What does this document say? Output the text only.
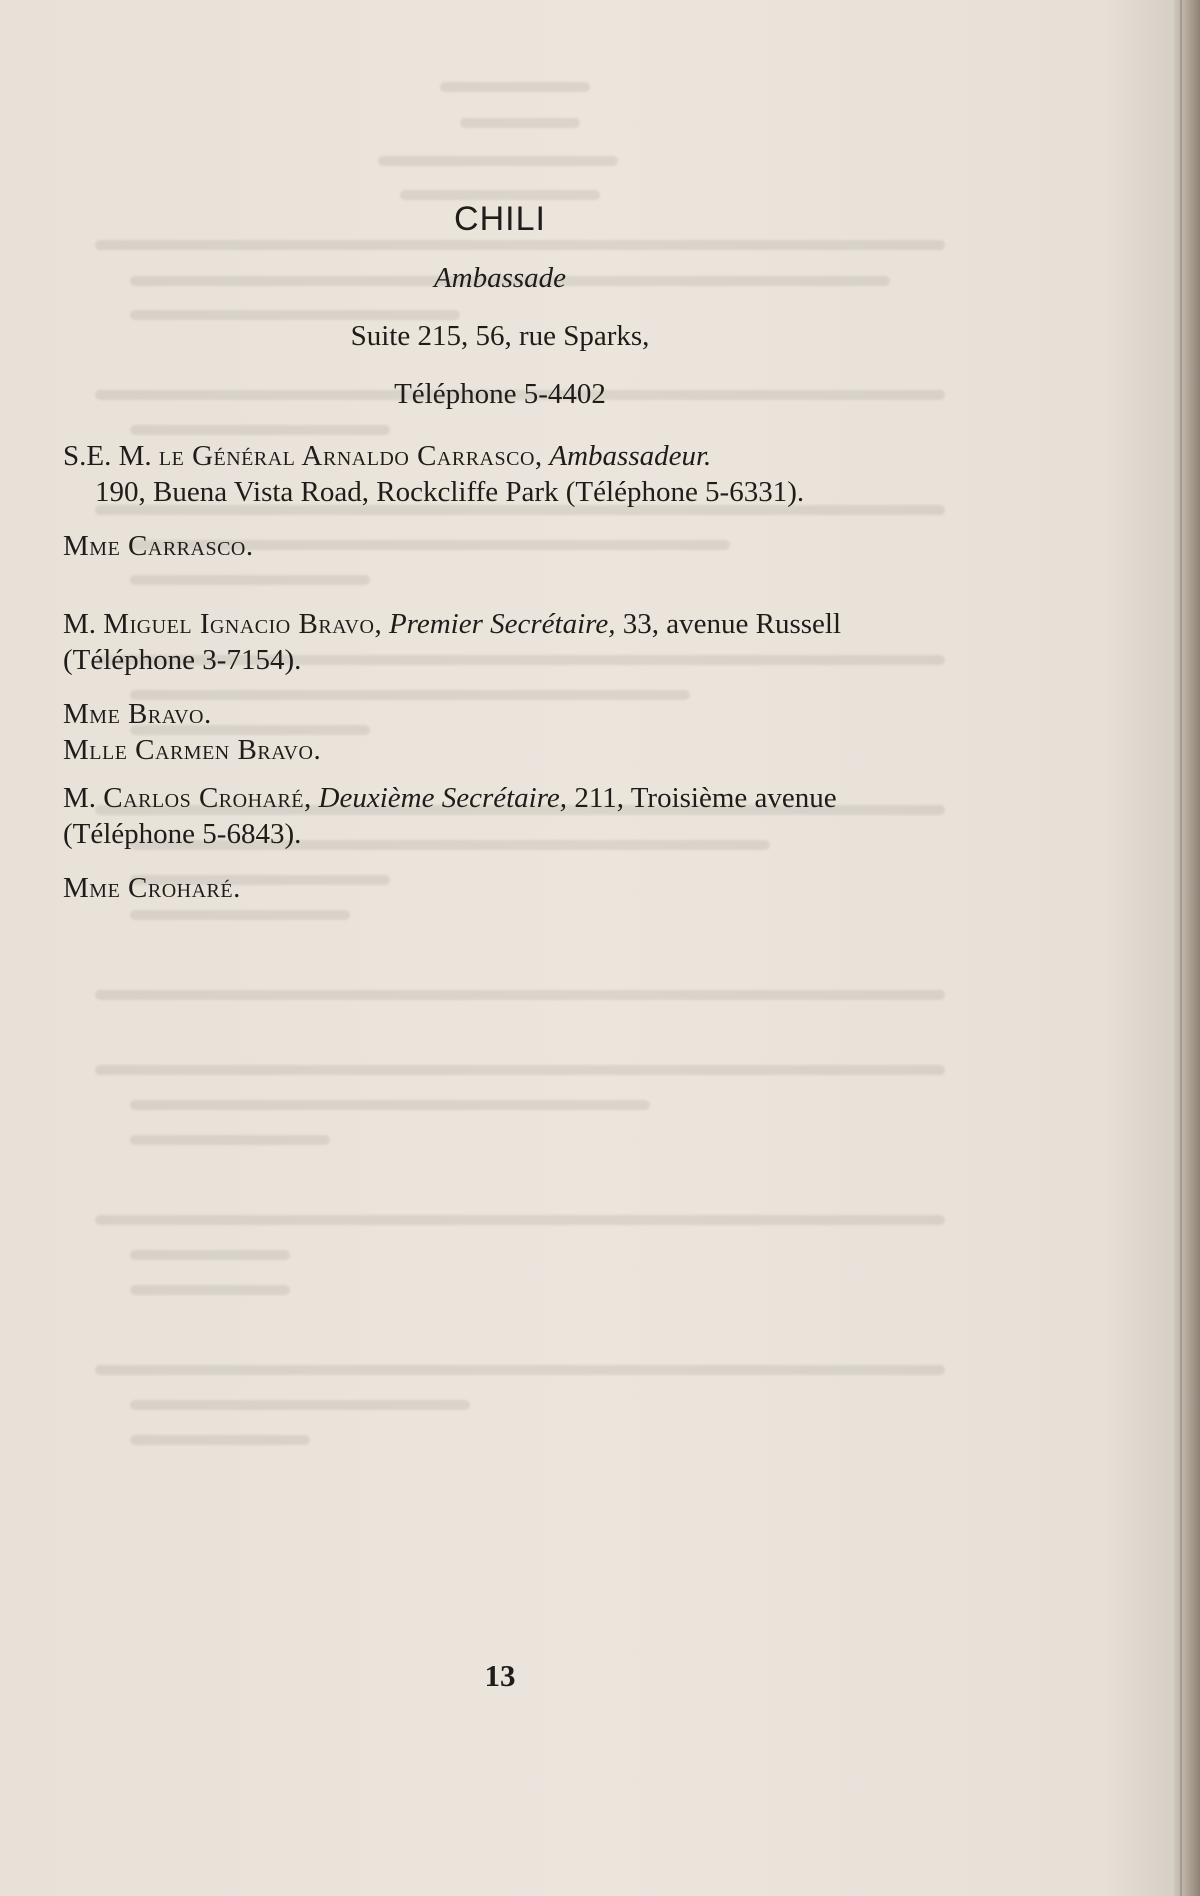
CHILI
Ambassade
Suite 215, 56, rue Sparks,
Téléphone 5-4402
S.E. M. le Général Arnaldo Carrasco, Ambassadeur.
190, Buena Vista Road, Rockcliffe Park (Téléphone 5-6331).
Mme Carrasco.
M. Miguel Ignacio Bravo, Premier Secrétaire, 33, avenue Russell (Téléphone 3-7154).
Mme Bravo.
Mlle Carmen Bravo.
M. Carlos Croharé, Deuxième Secrétaire, 211, Troisième avenue (Téléphone 5-6843).
Mme Croharé.
13
